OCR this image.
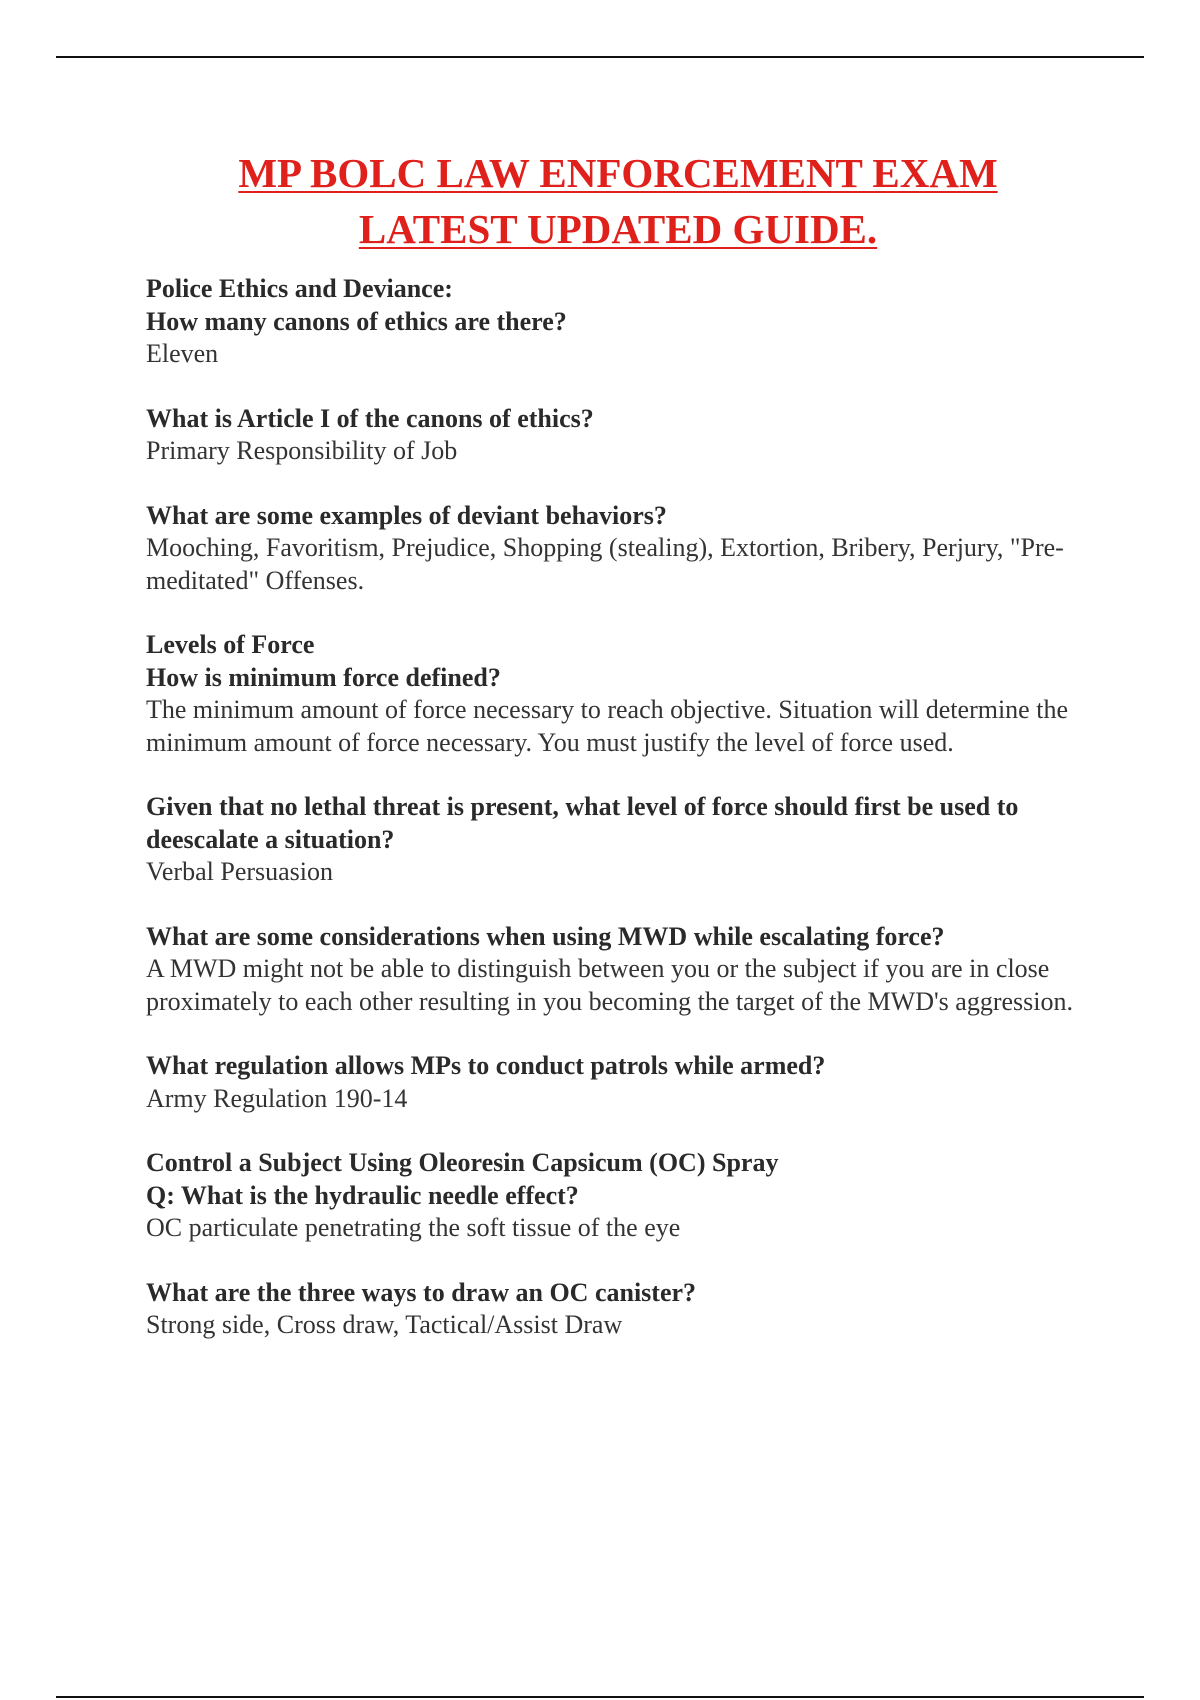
MP BOLC LAW ENFORCEMENT EXAM
LATEST UPDATED GUIDE.
Police Ethics and Deviance:
How many canons of ethics are there?
Eleven
What is Article I of the canons of ethics?
Primary Responsibility of Job
What are some examples of deviant behaviors?
Mooching, Favoritism, Prejudice, Shopping (stealing), Extortion, Bribery, Perjury, "Pre-meditated" Offenses.
Levels of Force
How is minimum force defined?
The minimum amount of force necessary to reach objective. Situation will determine the minimum amount of force necessary. You must justify the level of force used.
Given that no lethal threat is present, what level of force should first be used to deescalate a situation?
Verbal Persuasion
What are some considerations when using MWD while escalating force?
A MWD might not be able to distinguish between you or the subject if you are in close proximately to each other resulting in you becoming the target of the MWD's aggression.
What regulation allows MPs to conduct patrols while armed?
Army Regulation 190-14
Control a Subject Using Oleoresin Capsicum (OC) Spray
Q: What is the hydraulic needle effect?
OC particulate penetrating the soft tissue of the eye
What are the three ways to draw an OC canister?
Strong side, Cross draw, Tactical/Assist Draw
